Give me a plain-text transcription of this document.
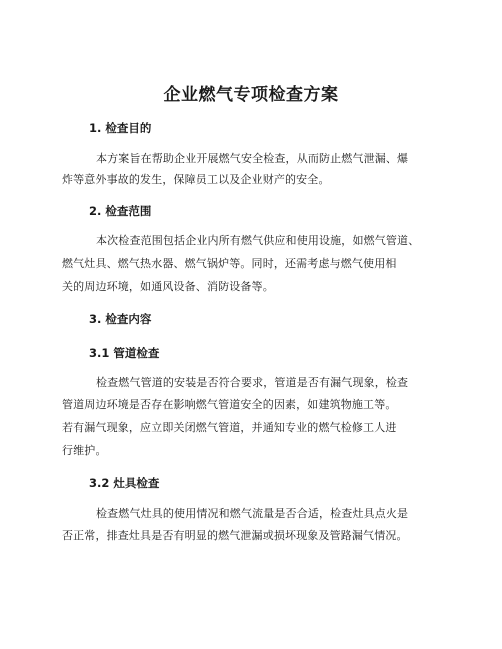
企业燃气专项检查方案
1. 检查目的
本方案旨在帮助企业开展燃气安全检查，从而防止燃气泄漏、爆
炸等意外事故的发生，保障员工以及企业财产的安全。
2. 检查范围
本次检查范围包括企业内所有燃气供应和使用设施，如燃气管道、
燃气灶具、燃气热水器、燃气锅炉等。同时，还需考虑与燃气使用相
关的周边环境，如通风设备、消防设备等。
3. 检查内容
3.1 管道检查
检查燃气管道的安装是否符合要求，管道是否有漏气现象，检查
管道周边环境是否存在影响燃气管道安全的因素，如建筑物施工等。
若有漏气现象，应立即关闭燃气管道，并通知专业的燃气检修工人进
行维护。
3.2 灶具检查
检查燃气灶具的使用情况和燃气流量是否合适，检查灶具点火是
否正常，排查灶具是否有明显的燃气泄漏或损坏现象及管路漏气情况。
